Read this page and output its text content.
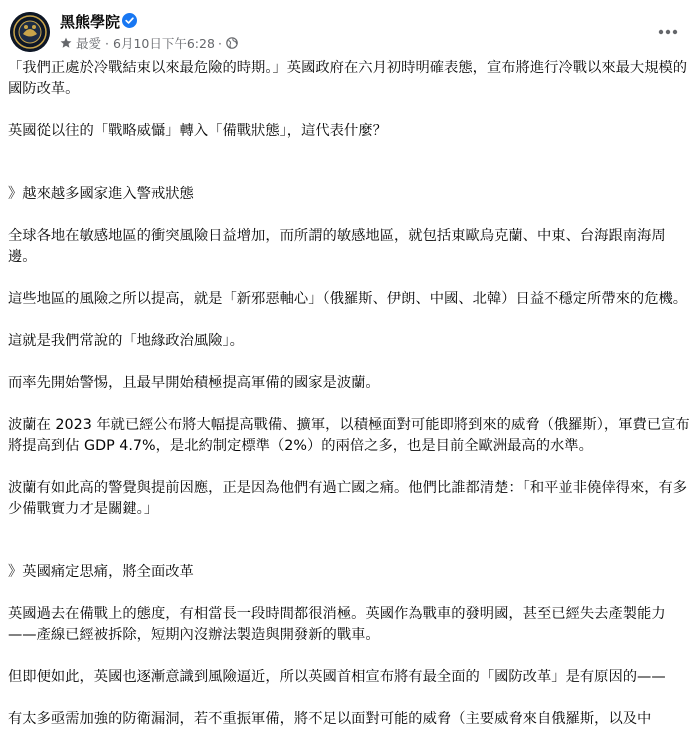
黑熊學院
最愛 · 6月10日下午6:28 ·

「我們正處於冷戰結束以來最危險的時期。」英國政府在六月初時明確表態，宣布將進行冷戰以來最大規模的國防改革。

英國從以往的「戰略威懾」轉入「備戰狀態」，這代表什麼？

》越來越多國家進入警戒狀態

全球各地在敏感地區的衝突風險日益增加，而所謂的敏感地區，就包括東歐烏克蘭、中東、台海跟南海周邊。

這些地區的風險之所以提高，就是「新邪惡軸心」（俄羅斯、伊朗、中國、北韓）日益不穩定所帶來的危機。

這就是我們常說的「地緣政治風險」。

而率先開始警惕，且最早開始積極提高軍備的國家是波蘭。

波蘭在 2023 年就已經公布將大幅提高戰備、擴軍，以積極面對可能即將到來的威脅（俄羅斯），軍費已宣布將提高到佔 GDP 4.7%，是北約制定標準（2%）的兩倍之多，也是目前全歐洲最高的水準。

波蘭有如此高的警覺與提前因應，正是因為他們有過亡國之痛。他們比誰都清楚：「和平並非僥倖得來，有多少備戰實力才是關鍵。」

》英國痛定思痛，將全面改革

英國過去在備戰上的態度，有相當長一段時間都很消極。英國作為戰車的發明國，甚至已經失去產製能力——產線已經被拆除，短期內沒辦法製造與開發新的戰車。

但即便如此，英國也逐漸意識到風險逼近，所以英國首相宣布將有最全面的「國防改革」是有原因的——

有太多亟需加強的防衛漏洞，若不重振軍備，將不足以面對可能的威脅（主要威脅來自俄羅斯，以及中
